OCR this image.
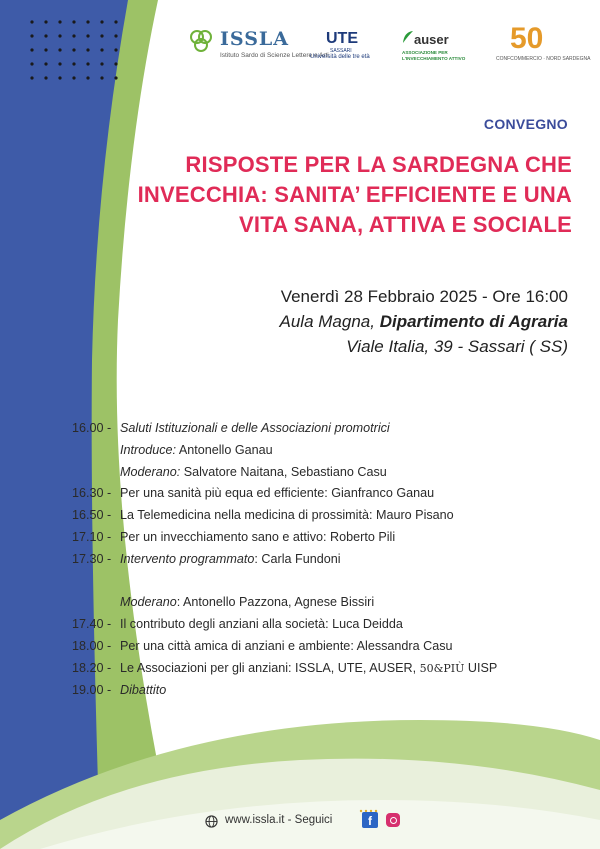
ISSLA
Istituto Sardo di Scienze Lettere e Arti
UTE
SASSARI
Università delle tre età
auser
ASSOCIAZIONE PER L'INVECCHIAMENTO ATTIVO
50
CONFCOMMERCIO · NORD SARDEGNA
CONVEGNO
RISPOSTE PER LA SARDEGNA CHE
INVECCHIA: SANITA’ EFFICIENTE E UNA
VITA SANA, ATTIVA E SOCIALE
Venerdì 28 Febbraio 2025 - Ore 16:00
Aula Magna, Dipartimento di Agraria
Viale Italia, 39 - Sassari ( SS)
16.00 - Saluti Istituzionali e delle Associazioni promotrici
Introduce: Antonello Ganau
Moderano: Salvatore Naitana, Sebastiano Casu
16.30 - Per una sanità più equa ed efficiente: Gianfranco Ganau
16.50 - La Telemedicina nella medicina di prossimità: Mauro Pisano
17.10 - Per un invecchiamento sano e attivo: Roberto Pili
17.30 - Intervento programmato: Carla Fundoni
Moderano: Antonello Pazzona, Agnese Bissiri
17.40 - Il contributo degli anziani alla società: Luca Deidda
18.00 - Per una città amica di anziani e ambiente: Alessandra Casu
18.20 - Le Associazioni per gli anziani: ISSLA, UTE, AUSER, 50&PIÙ UISP
19.00 - Dibattito
www.issla.it - Seguici	f
